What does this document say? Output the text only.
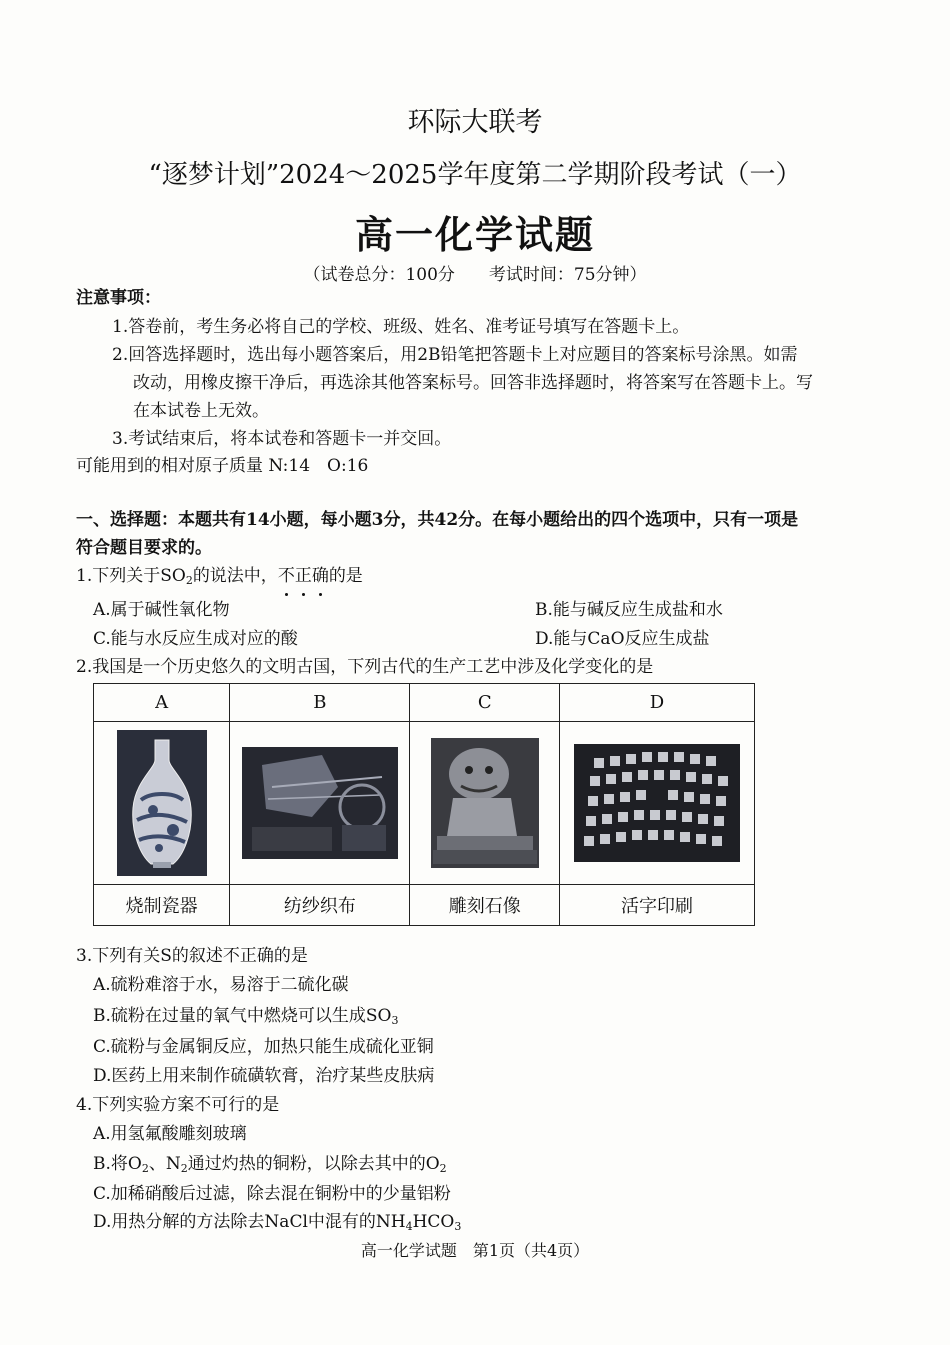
环际大联考
“逐梦计划”2024～2025学年度第二学期阶段考试（一）
高一化学试题
（试卷总分：100分　　考试时间：75分钟）
注意事项：
1.答卷前，考生务必将自己的学校、班级、姓名、准考证号填写在答题卡上。
2.回答选择题时，选出每小题答案后，用2B铅笔把答题卡上对应题目的答案标号涂黑。如需
改动，用橡皮擦干净后，再选涂其他答案标号。回答非选择题时，将答案写在答题卡上。写
在本试卷上无效。
3.考试结束后，将本试卷和答题卡一并交回。
可能用到的相对原子质量 N:14　O:16
一、选择题：本题共有14小题，每小题3分，共42分。在每小题给出的四个选项中，只有一项是
符合题目要求的。
1.下列关于$SO_2$的说法中，不正确的是
A.属于碱性氧化物	B.能与碱反应生成盐和水
C.能与水反应生成对应的酸	D.能与CaO反应生成盐
2.我国是一个历史悠久的文明古国，下列古代的生产工艺中涉及化学变化的是
A	B	C	D

烧制瓷器	纺纱织布	雕刻石像	活字印刷
3.下列有关S的叙述不正确的是
A.硫粉难溶于水，易溶于二硫化碳
B.硫粉在过量的氧气中燃烧可以生成$SO_3$
C.硫粉与金属铜反应，加热只能生成硫化亚铜
D.医药上用来制作硫磺软膏，治疗某些皮肤病
4.下列实验方案不可行的是
A.用氢氟酸雕刻玻璃
B.将$O_2$、$N_2$通过灼热的铜粉，以除去其中的$O_2$
C.加稀硝酸后过滤，除去混在铜粉中的少量铝粉
D.用热分解的方法除去NaCl中混有的$NH_4HCO_3$
高一化学试题　第1页（共4页）
